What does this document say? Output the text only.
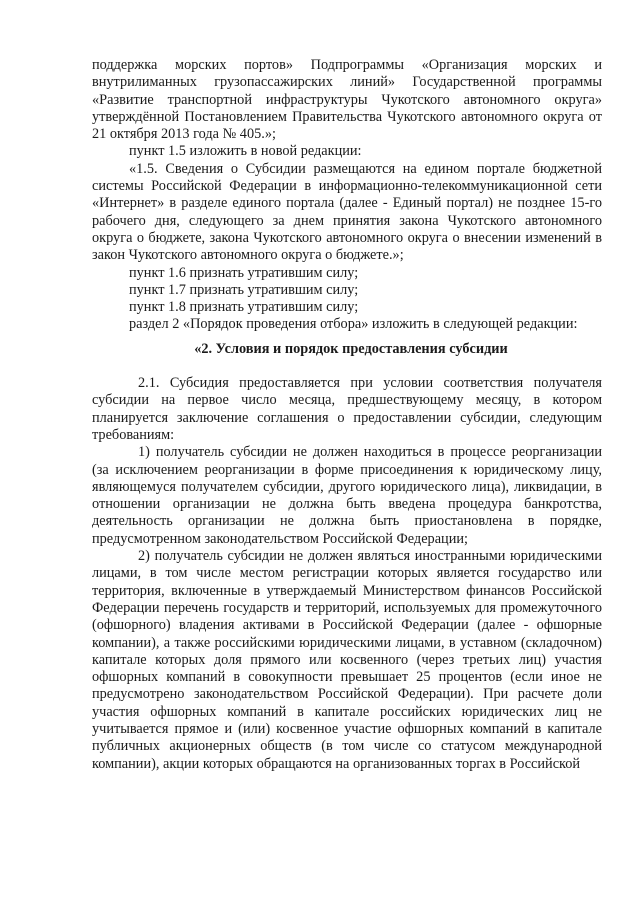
поддержка морских портов» Подпрограммы «Организация морских и внутрилиманных грузопассажирских линий» Государственной программы «Развитие транспортной инфраструктуры Чукотского автономного округа» утверждённой Постановлением Правительства Чукотского автономного округа от 21 октября 2013 года № 405.»;

пункт 1.5 изложить в новой редакции:

«1.5. Сведения о Субсидии размещаются на едином портале бюджетной системы Российской Федерации в информационно-телекоммуникационной сети «Интернет» в разделе единого портала (далее - Единый портал) не позднее 15-го рабочего дня, следующего за днем принятия закона Чукотского автономного округа о бюджете, закона Чукотского автономного округа о внесении изменений в закон Чукотского автономного округа о бюджете.»;

пункт 1.6 признать утратившим силу;

пункт 1.7 признать утратившим силу;

пункт 1.8 признать утратившим силу;

раздел 2 «Порядок проведения отбора» изложить в следующей редакции:

«2. Условия и порядок предоставления субсидии

2.1. Субсидия предоставляется при условии соответствия получателя субсидии на первое число месяца, предшествующему месяцу, в котором планируется заключение соглашения о предоставлении субсидии, следующим требованиям:

1) получатель субсидии не должен находиться в процессе реорганизации (за исключением реорганизации в форме присоединения к юридическому лицу, являющемуся получателем субсидии, другого юридического лица), ликвидации, в отношении организации не должна быть введена процедура банкротства, деятельность организации не должна быть приостановлена в порядке, предусмотренном законодательством Российской Федерации;

2) получатель субсидии не должен являться иностранными юридическими лицами, в том числе местом регистрации которых является государство или территория, включенные в утверждаемый Министерством финансов Российской Федерации перечень государств и территорий, используемых для промежуточного (офшорного) владения активами в Российской Федерации (далее - офшорные компании), а также российскими юридическими лицами, в уставном (складочном) капитале которых доля прямого или косвенного (через третьих лиц) участия офшорных компаний в совокупности превышает 25 процентов (если иное не предусмотрено законодательством Российской Федерации). При расчете доли участия офшорных компаний в капитале российских юридических лиц не учитывается прямое и (или) косвенное участие офшорных компаний в капитале публичных акционерных обществ (в том числе со статусом международной компании), акции которых обращаются на организованных торгах в Российской
